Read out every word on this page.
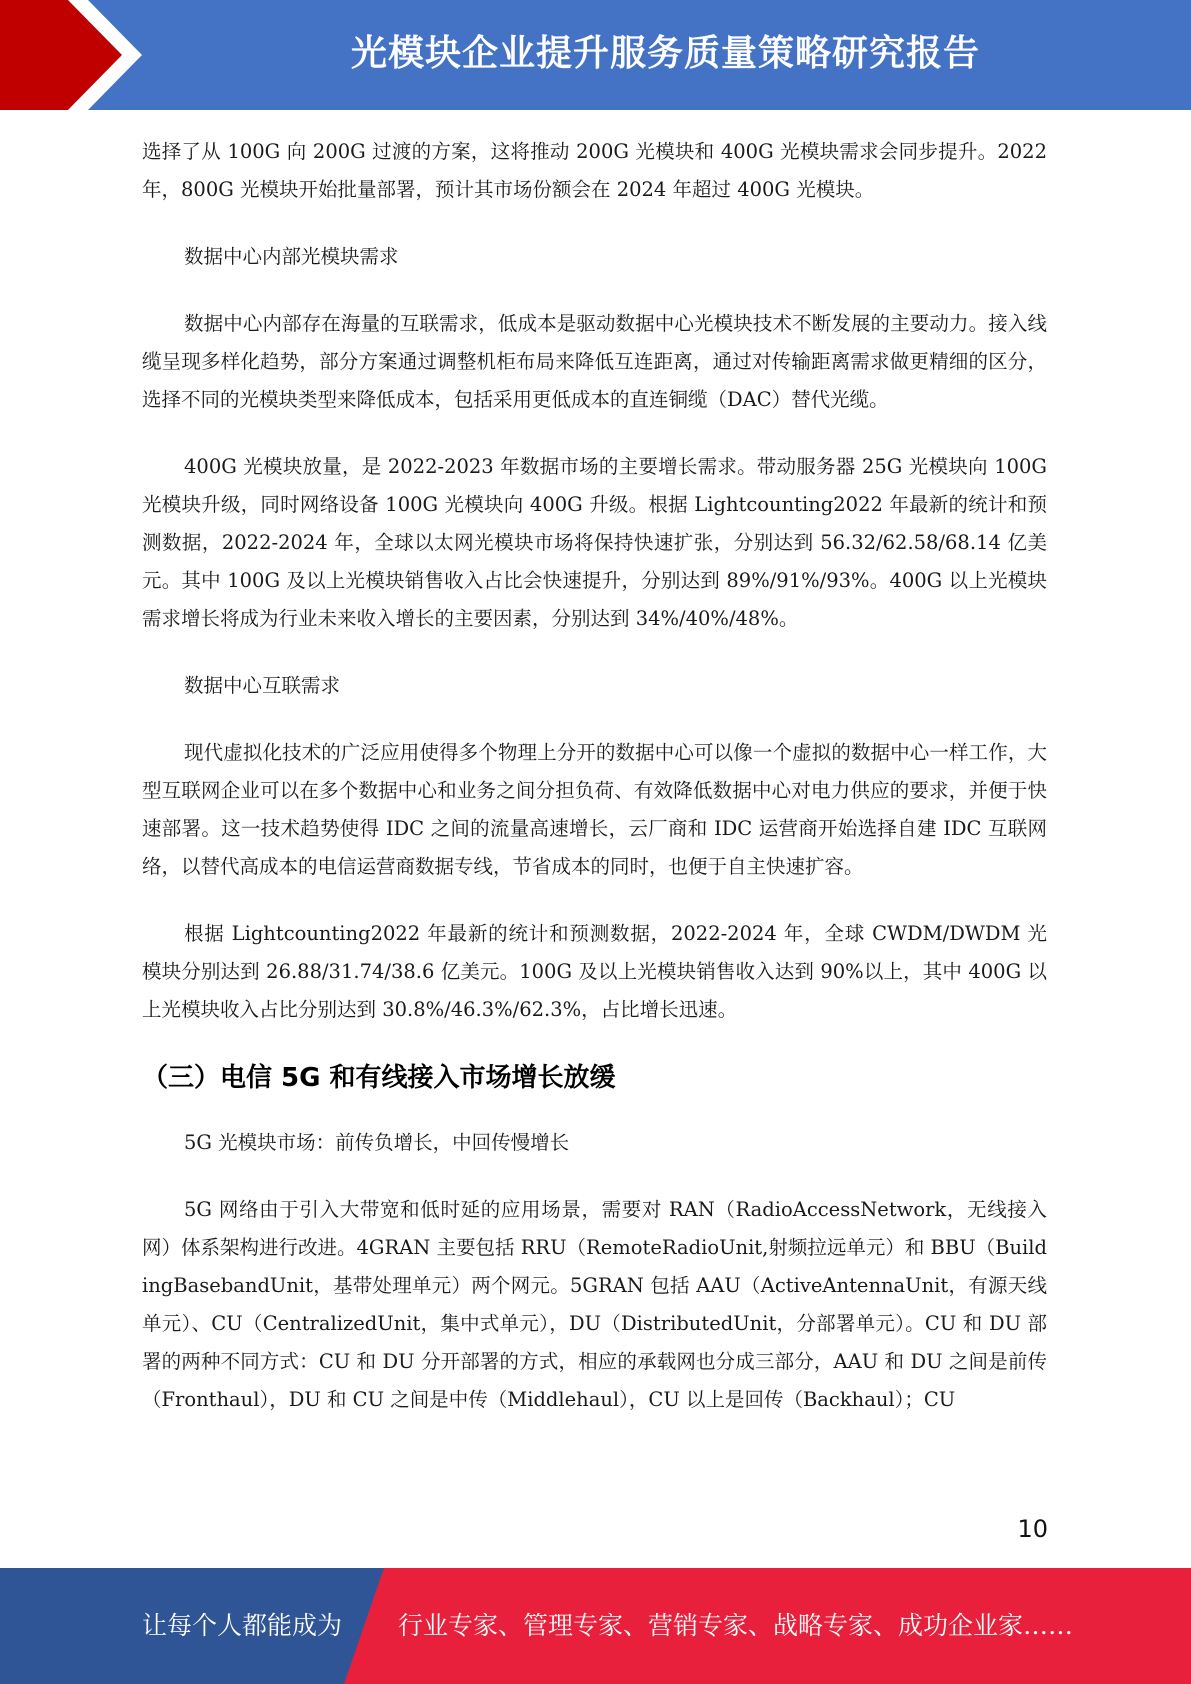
光模块企业提升服务质量策略研究报告

选择了从 100G 向 200G 过渡的方案，这将推动 200G 光模块和 400G 光模块需求会同步提升。2022 年，800G 光模块开始批量部署，预计其市场份额会在 2024 年超过 400G 光模块。

数据中心内部光模块需求

数据中心内部存在海量的互联需求，低成本是驱动数据中心光模块技术不断发展的主要动力。接入线缆呈现多样化趋势，部分方案通过调整机柜布局来降低互连距离，通过对传输距离需求做更精细的区分，选择不同的光模块类型来降低成本，包括采用更低成本的直连铜缆（DAC）替代光缆。

400G 光模块放量，是 2022-2023 年数据市场的主要增长需求。带动服务器 25G 光模块向 100G 光模块升级，同时网络设备 100G 光模块向 400G 升级。根据 Lightcounting2022 年最新的统计和预测数据，2022-2024 年，全球以太网光模块市场将保持快速扩张，分别达到 56.32/62.58/68.14 亿美元。其中 100G 及以上光模块销售收入占比会快速提升，分别达到 89%/91%/93%。400G 以上光模块需求增长将成为行业未来收入增长的主要因素，分别达到 34%/40%/48%。

数据中心互联需求

现代虚拟化技术的广泛应用使得多个物理上分开的数据中心可以像一个虚拟的数据中心一样工作，大型互联网企业可以在多个数据中心和业务之间分担负荷、有效降低数据中心对电力供应的要求，并便于快速部署。这一技术趋势使得 IDC 之间的流量高速增长，云厂商和 IDC 运营商开始选择自建 IDC 互联网络，以替代高成本的电信运营商数据专线，节省成本的同时，也便于自主快速扩容。

根据 Lightcounting2022 年最新的统计和预测数据，2022-2024 年，全球 CWDM/DWDM 光模块分别达到 26.88/31.74/38.6 亿美元。100G 及以上光模块销售收入达到 90%以上，其中 400G 以上光模块收入占比分别达到 30.8%/46.3%/62.3%，占比增长迅速。

（三）电信 5G 和有线接入市场增长放缓

5G 光模块市场：前传负增长，中回传慢增长

5G 网络由于引入大带宽和低时延的应用场景，需要对 RAN（RadioAccessNetwork，无线接入网）体系架构进行改进。4GRAN 主要包括 RRU（RemoteRadioUnit,射频拉远单元）和 BBU（BuildingBasebandUnit，基带处理单元）两个网元。5GRAN 包括 AAU（ActiveAntennaUnit，有源天线单元）、CU（CentralizedUnit，集中式单元），DU（DistributedUnit，分部署单元）。CU 和 DU 部署的两种不同方式：CU 和 DU 分开部署的方式，相应的承载网也分成三部分，AAU 和 DU 之间是前传（Fronthaul），DU 和 CU 之间是中传（Middlehaul），CU 以上是回传（Backhaul）；CU

10
让每个人都能成为 行业专家、管理专家、营销专家、战略专家、成功企业家……
